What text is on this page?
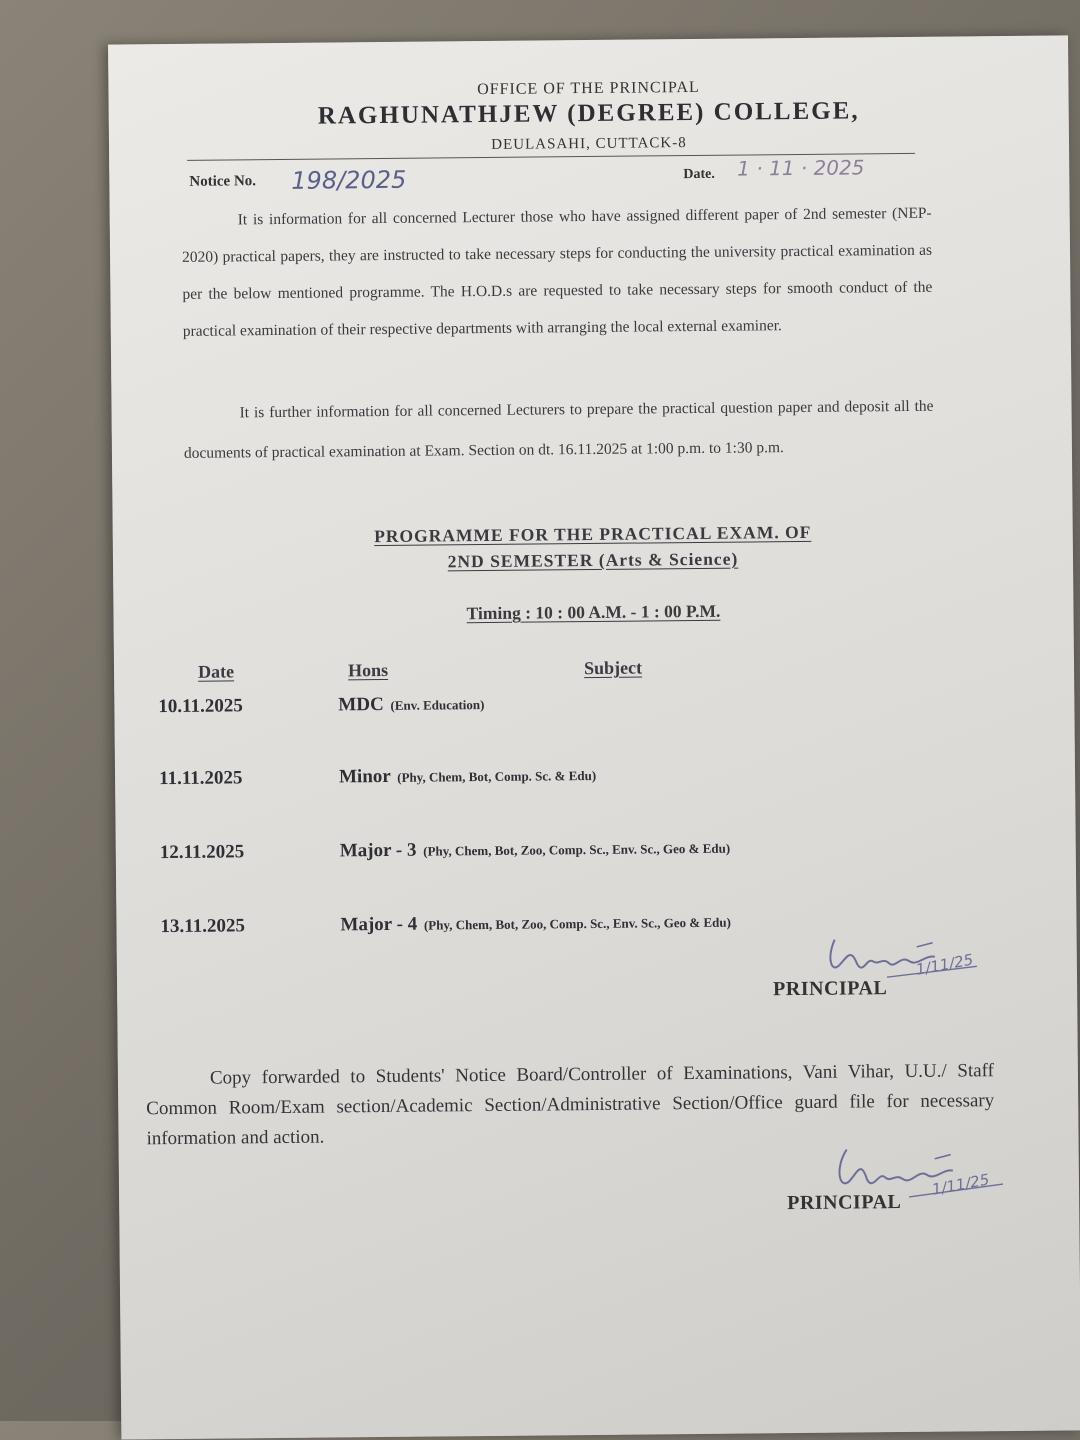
OFFICE OF THE PRINCIPAL
RAGHUNATHJEW (DEGREE) COLLEGE,
DEULASAHI, CUTTACK-8
Notice No. 198/2025	Date. 1 · 11 · 2025
It is information for all concerned Lecturer those who have assigned different paper of 2nd semester (NEP-2020) practical papers, they are instructed to take necessary steps for conducting the university practical examination as per the below mentioned programme. The H.O.D.s are requested to take necessary steps for smooth conduct of the practical examination of their respective departments with arranging the local external examiner.
It is further information for all concerned Lecturers to prepare the practical question paper and deposit all the documents of practical examination at Exam. Section on dt. 16.11.2025 at 1:00 p.m. to 1:30 p.m.
PROGRAMME FOR THE PRACTICAL EXAM. OF
2ND SEMESTER (Arts & Science)
Timing : 10 : 00 A.M. - 1 : 00 P.M.
Date	Hons	Subject
10.11.2025	MDC (Env. Education)
11.11.2025	Minor (Phy, Chem, Bot, Comp. Sc. & Edu)
12.11.2025	Major - 3 (Phy, Chem, Bot, Zoo, Comp. Sc., Env. Sc., Geo & Edu)
13.11.2025	Major - 4 (Phy, Chem, Bot, Zoo, Comp. Sc., Env. Sc., Geo & Edu)
1/11/25
PRINCIPAL
Copy forwarded to Students' Notice Board/Controller of Examinations, Vani Vihar, U.U./ Staff Common Room/Exam section/Academic Section/Administrative Section/Office guard file for necessary information and action.
1/11/25
PRINCIPAL
